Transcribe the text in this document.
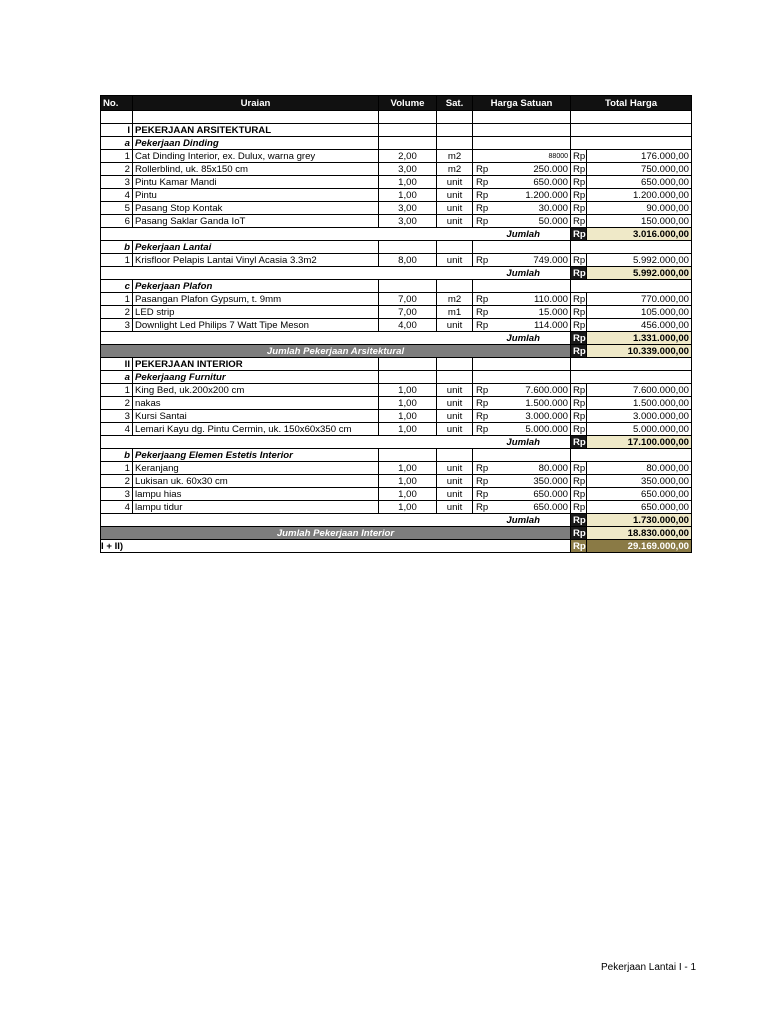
No.	Uraian	Volume	Sat.	Harga Satuan	Total Harga	

I	PEKERJAAN ARSITEKTURAL					
a	Pekerjaan Dinding					
1	Cat Dinding Interior, ex. Dulux, warna grey	2,00	m2	88000	Rp	176.000,00
2	Rollerblind, uk. 85x150 cm	3,00	m2	Rp 250.000	Rp	750.000,00
3	Pintu Kamar Mandi	1,00	unit	Rp 650.000	Rp	650.000,00
4	Pintu	1,00	unit	Rp 1.200.000	Rp	1.200.000,00
5	Pasang Stop Kontak	3,00	unit	Rp 30.000	Rp	90.000,00
6	Pasang Saklar Ganda IoT	3,00	unit	Rp 50.000	Rp	150.000,00
Jumlah					Rp	3.016.000,00
b	Pekerjaan Lantai					
1	Krisfloor Pelapis Lantai Vinyl Acasia 3.3m2	8,00	unit	Rp 749.000	Rp	5.992.000,00
Jumlah					Rp	5.992.000,00
c	Pekerjaan Plafon					
1	Pasangan Plafon Gypsum, t. 9mm	7,00	m2	Rp 110.000	Rp	770.000,00
2	LED strip	7,00	m1	Rp 15.000	Rp	105.000,00
3	Downlight Led Philips 7 Watt Tipe Meson	4,00	unit	Rp 114.000	Rp	456.000,00
Jumlah					Rp	1.331.000,00
Jumlah Pekerjaan Arsitektural					Rp	10.339.000,00
II	PEKERJAAN INTERIOR					
a	Pekerjaang Furnitur					
1	King Bed, uk.200x200 cm	1,00	unit	Rp 7.600.000	Rp	7.600.000,00
2	nakas	1,00	unit	Rp 1.500.000	Rp	1.500.000,00
3	Kursi Santai	1,00	unit	Rp 3.000.000	Rp	3.000.000,00
4	Lemari Kayu dg. Pintu Cermin, uk. 150x60x350 cm	1,00	unit	Rp 5.000.000	Rp	5.000.000,00
Jumlah					Rp	17.100.000,00
b	Pekerjaang Elemen Estetis Interior					
1	Keranjang	1,00	unit	Rp 80.000	Rp	80.000,00
2	Lukisan uk. 60x30 cm	1,00	unit	Rp 350.000	Rp	350.000,00
3	lampu hias	1,00	unit	Rp 650.000	Rp	650.000,00
4	lampu tidur	1,00	unit	Rp 650.000	Rp	650.000,00
Jumlah					Rp	1.730.000,00
Jumlah Pekerjaan Interior					Rp	18.830.000,00
I + II)					Rp	29.169.000,00
Pekerjaan Lantai I - 1
